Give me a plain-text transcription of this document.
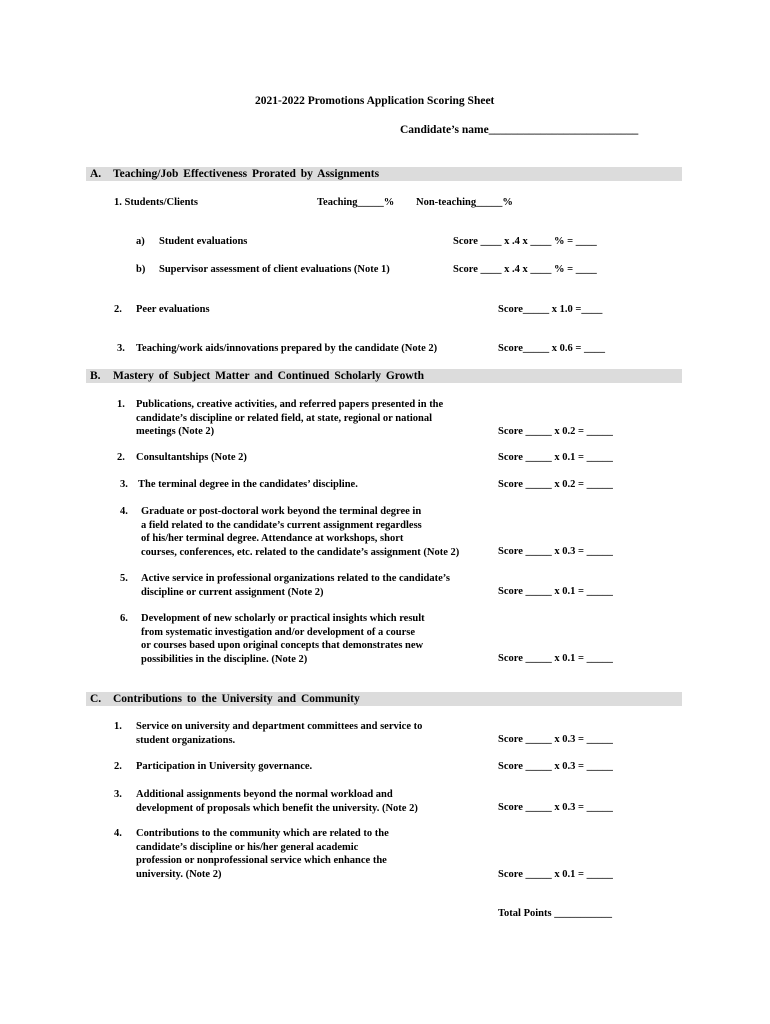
2021-2022 Promotions Application Scoring Sheet
Candidate’s name__________________________
A. Teaching/Job Effectiveness Prorated by Assignments
1. Students/Clients	Teaching_____% Non-teaching_____%
a) Student evaluations	Score ____ x .4 x ____ % = ____
b) Supervisor assessment of client evaluations (Note 1)	Score ____ x .4 x ____ % = ____
2. Peer evaluations	Score_____ x 1.0 =____
3. Teaching/work aids/innovations prepared by the candidate (Note 2)	Score_____ x 0.6 = ____
B. Mastery of Subject Matter and Continued Scholarly Growth
1. Publications, creative activities, and referred papers presented in the
candidate’s discipline or related field, at state, regional or national
meetings (Note 2)	Score _____ x 0.2 = _____
2. Consultantships (Note 2)	Score _____ x 0.1 = _____
3. The terminal degree in the candidates’ discipline.	Score _____ x 0.2 = _____
4. Graduate or post-doctoral work beyond the terminal degree in
a field related to the candidate’s current assignment regardless
of his/her terminal degree. Attendance at workshops, short
courses, conferences, etc. related to the candidate’s assignment (Note 2)	Score _____ x 0.3 = _____
5. Active service in professional organizations related to the candidate’s
discipline or current assignment (Note 2)	Score _____ x 0.1 = _____
6. Development of new scholarly or practical insights which result
from systematic investigation and/or development of a course
or courses based upon original concepts that demonstrates new
possibilities in the discipline. (Note 2)	Score _____ x 0.1 = _____
C. Contributions to the University and Community
1. Service on university and department committees and service to
student organizations.	Score _____ x 0.3 = _____
2. Participation in University governance.	Score _____ x 0.3 = _____
3. Additional assignments beyond the normal workload and
development of proposals which benefit the university. (Note 2)	Score _____ x 0.3 = _____
4. Contributions to the community which are related to the
candidate’s discipline or his/her general academic
profession or nonprofessional service which enhance the
university. (Note 2)	Score _____ x 0.1 = _____
Total Points ___________
